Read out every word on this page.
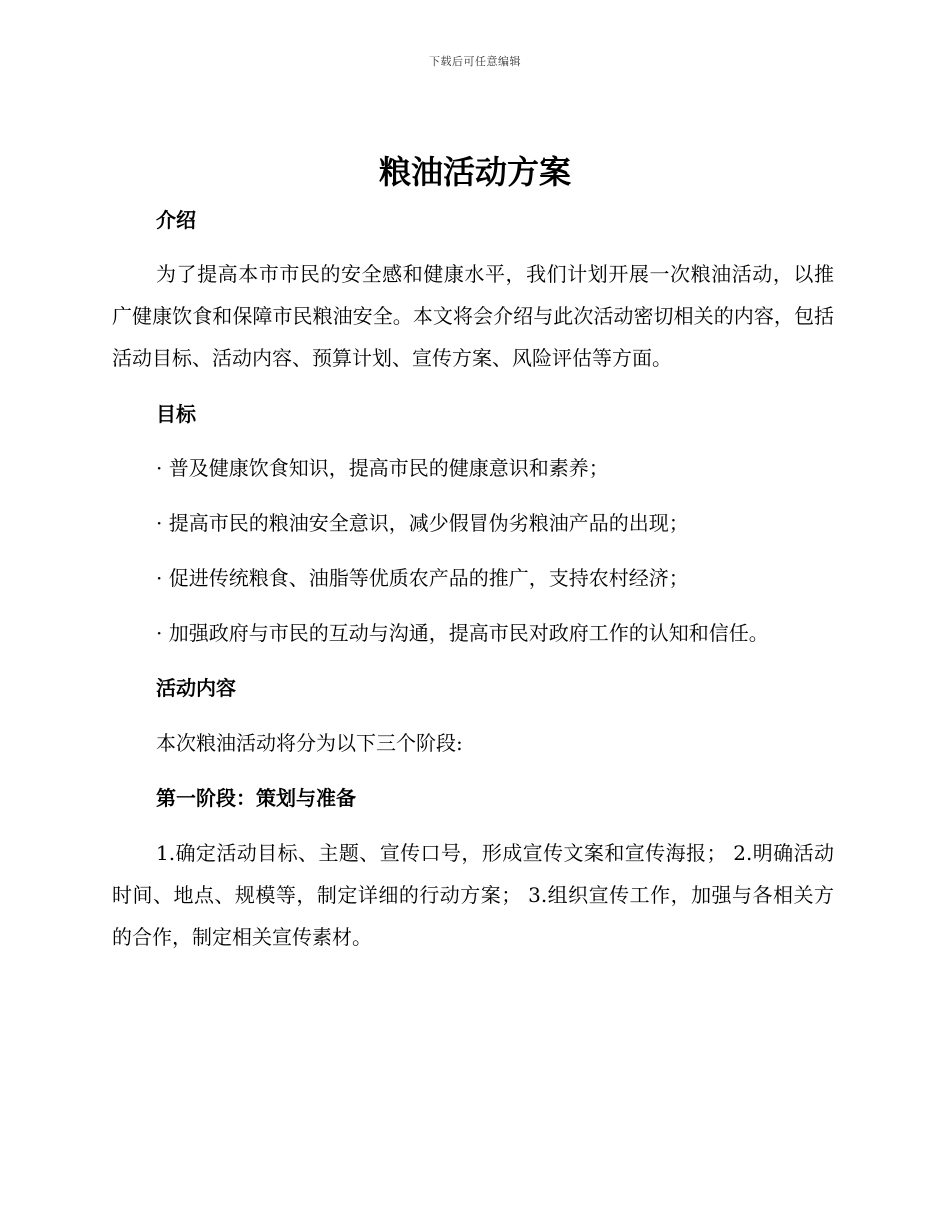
下载后可任意编辑
粮油活动方案
介绍

为了提高本市市民的安全感和健康水平，我们计划开展一次粮油活动，以推广健康饮食和保障市民粮油安全。本文将会介绍与此次活动密切相关的内容，包括活动目标、活动内容、预算计划、宣传方案、风险评估等方面。

目标

· 普及健康饮食知识，提高市民的健康意识和素养；

· 提高市民的粮油安全意识，减少假冒伪劣粮油产品的出现；

· 促进传统粮食、油脂等优质农产品的推广，支持农村经济；

· 加强政府与市民的互动与沟通，提高市民对政府工作的认知和信任。

活动内容

本次粮油活动将分为以下三个阶段:

第一阶段：策划与准备

1.确定活动目标、主题、宣传口号，形成宣传文案和宣传海报； 2.明确活动时间、地点、规模等，制定详细的行动方案； 3.组织宣传工作，加强与各相关方的合作，制定相关宣传素材。
